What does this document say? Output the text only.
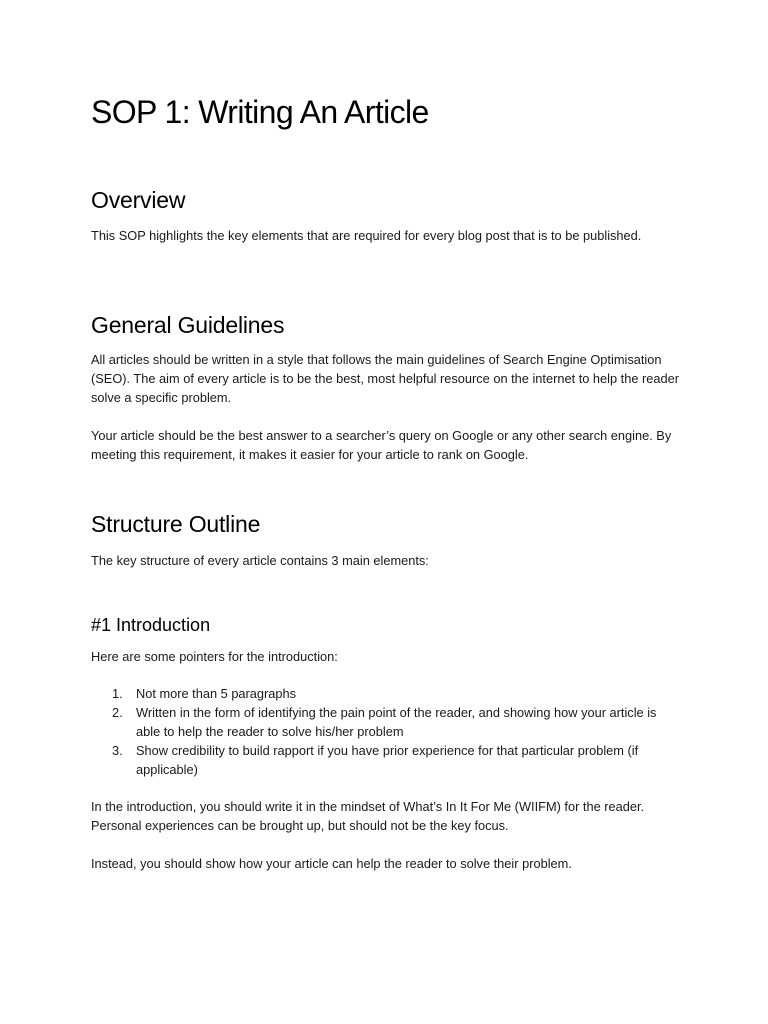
SOP 1: Writing An Article
Overview

This SOP highlights the key elements that are required for every blog post that is to be published.

General Guidelines

All articles should be written in a style that follows the main guidelines of Search Engine Optimisation (SEO). The aim of every article is to be the best, most helpful resource on the internet to help the reader solve a specific problem.

Your article should be the best answer to a searcher’s query on Google or any other search engine. By meeting this requirement, it makes it easier for your article to rank on Google.

Structure Outline

The key structure of every article contains 3 main elements:

#1 Introduction

Here are some pointers for the introduction:

1. Not more than 5 paragraphs
2. Written in the form of identifying the pain point of the reader, and showing how your article is able to help the reader to solve his/her problem
3. Show credibility to build rapport if you have prior experience for that particular problem (if applicable)

In the introduction, you should write it in the mindset of What’s In It For Me (WIIFM) for the reader. Personal experiences can be brought up, but should not be the key focus.

Instead, you should show how your article can help the reader to solve their problem.
